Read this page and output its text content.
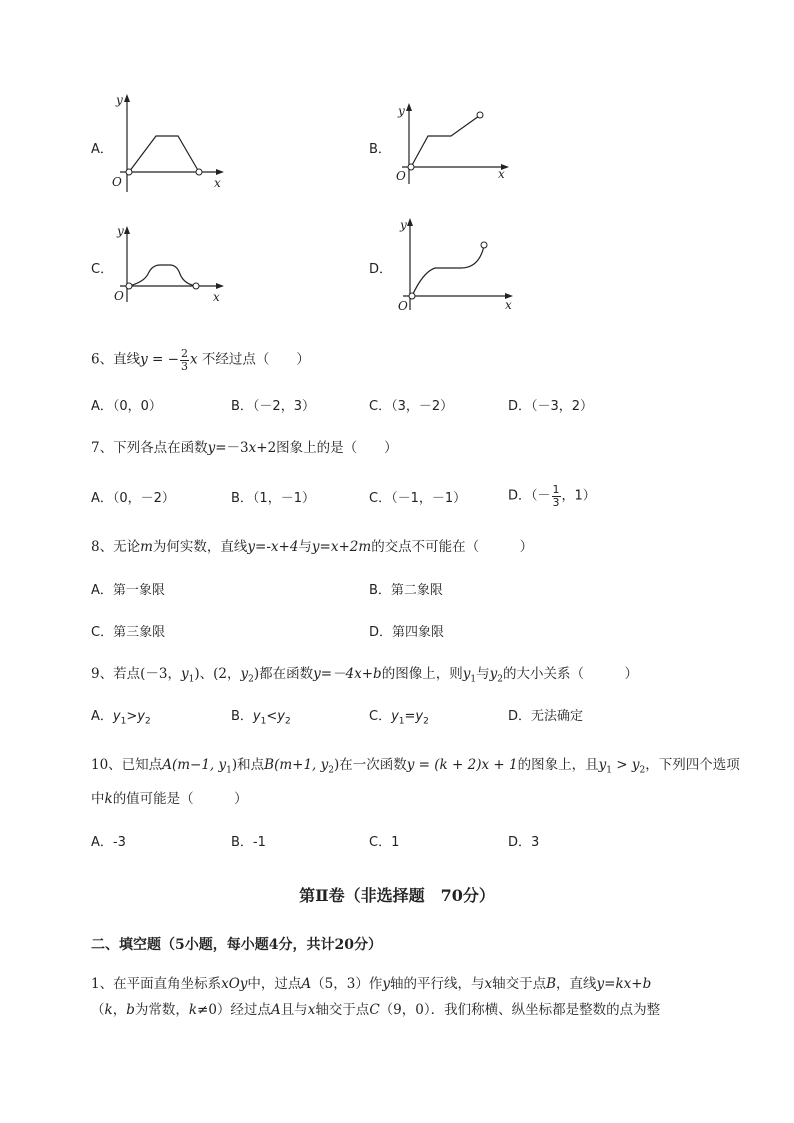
A．
y
x
O
B．
y
x
O
C．
y
x
O
D．
y
x
O
6、直线y = − $\frac{2}{3}$ x 不经过点（　　）
A．（0，0）	B．（－2，3）	C．（3，－2）	D．（－3，2）
7、下列各点在函数y=－3x+2图象上的是（　　）
A．（0，－2）	B．（1，－1）	C．（－1，－1）	D．（－ $\frac{1}{3}$ ，1）
8、无论m为何实数，直线y=-x+4与y=x+2m的交点不可能在（　　　）
A．第一象限	B．第二象限
C．第三象限	D．第四象限
9、若点(－3，$y_1$)、(2，$y_2$)都在函数y=－4x+b的图像上，则$y_1$与$y_2$的大小关系（　　　）
A．$y_1>y_2$	B．$y_1<y_2$	C．$y_1=y_2$	D．无法确定
10、已知点A(m−1, $y_1$)和点B(m+1, $y_2$)在一次函数y = (k + 2)x + 1的图象上，且$y_1 > y_2$，下列四个选项
中k的值可能是（　　　）
A．-3	B．-1	C．1	D．3
第Ⅱ卷（非选择题　70分）
二、填空题（5小题，每小题4分，共计20分）
1、在平面直角坐标系xOy中，过点A（5，3）作y轴的平行线，与x轴交于点B，直线y=kx+b
（k，b为常数，k≠0）经过点A且与x轴交于点C（9，0）．我们称横、纵坐标都是整数的点为整
